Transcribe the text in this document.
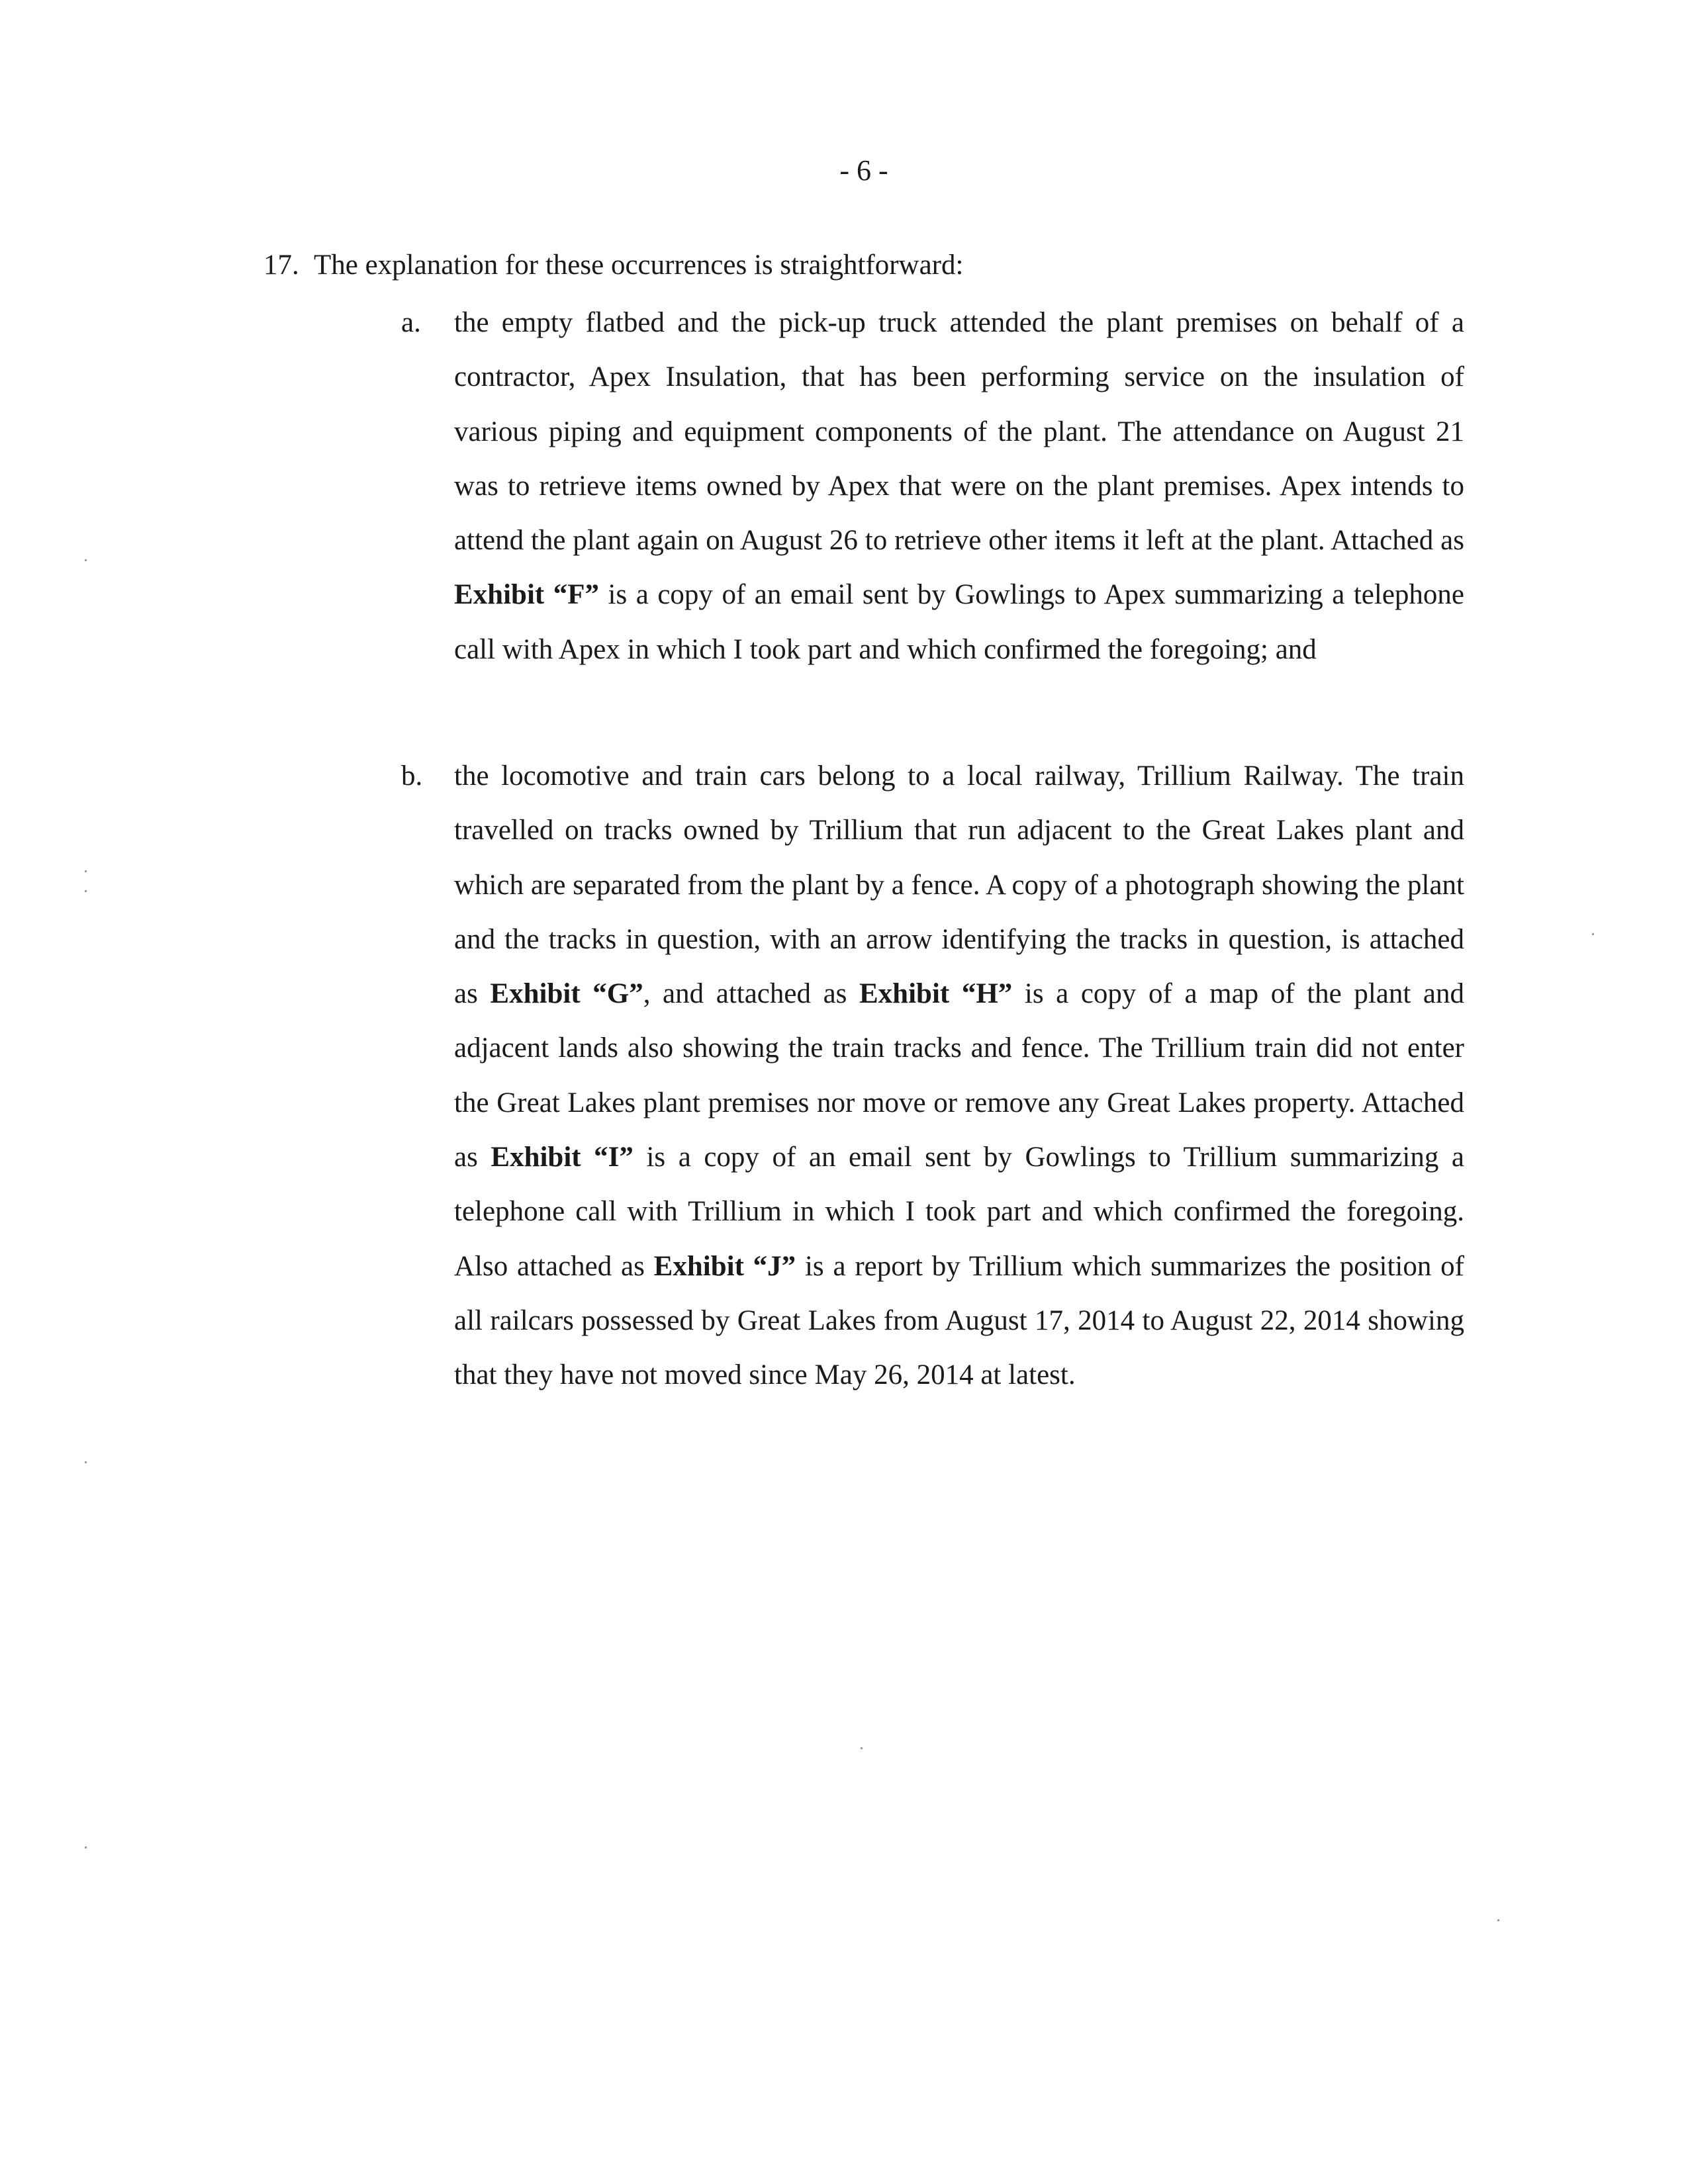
- 6 -
17. The explanation for these occurrences is straightforward:
a.	the empty flatbed and the pick-up truck attended the plant premises on behalf of a contractor, Apex Insulation, that has been performing service on the insulation of various piping and equipment components of the plant. The attendance on August 21 was to retrieve items owned by Apex that were on the plant premises. Apex intends to attend the plant again on August 26 to retrieve other items it left at the plant. Attached as Exhibit “F” is a copy of an email sent by Gowlings to Apex summarizing a telephone call with Apex in which I took part and which confirmed the foregoing; and
b.	the locomotive and train cars belong to a local railway, Trillium Railway. The train travelled on tracks owned by Trillium that run adjacent to the Great Lakes plant and which are separated from the plant by a fence. A copy of a photograph showing the plant and the tracks in question, with an arrow identifying the tracks in question, is attached as Exhibit “G”, and attached as Exhibit “H” is a copy of a map of the plant and adjacent lands also showing the train tracks and fence. The Trillium train did not enter the Great Lakes plant premises nor move or remove any Great Lakes property. Attached as Exhibit “I” is a copy of an email sent by Gowlings to Trillium summarizing a telephone call with Trillium in which I took part and which confirmed the foregoing. Also attached as Exhibit “J” is a report by Trillium which summarizes the position of all railcars possessed by Great Lakes from August 17, 2014 to August 22, 2014 showing that they have not moved since May 26, 2014 at latest.
